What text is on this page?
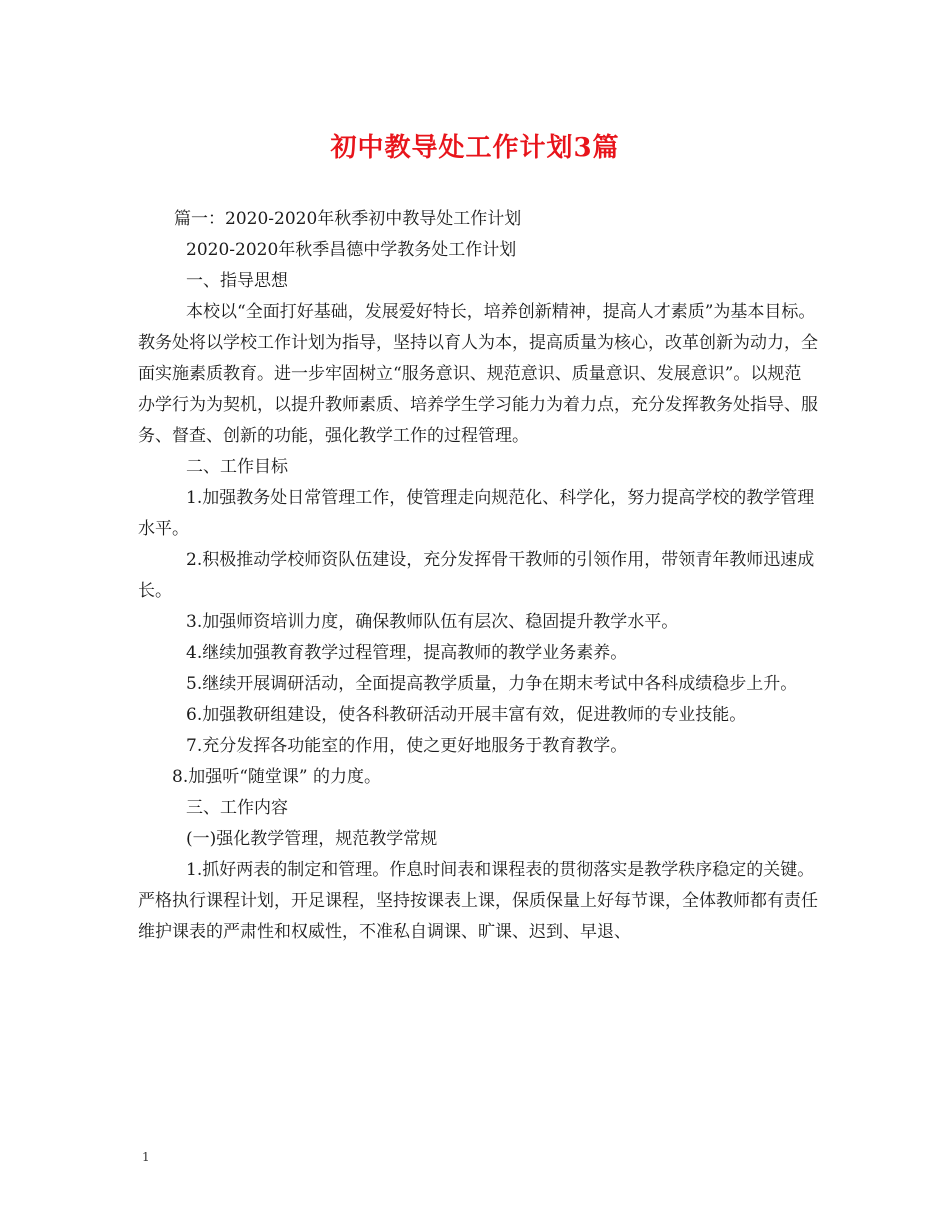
初中教导处工作计划3篇

篇一：2020-2020年秋季初中教导处工作计划

2020-2020年秋季昌德中学教务处工作计划

一、指导思想

本校以“全面打好基础，发展爱好特长，培养创新精神，提高人才素质”为基本目标。教务处将以学校工作计划为指导，坚持以育人为本，提高质量为核心，改革创新为动力，全面实施素质教育。进一步牢固树立“服务意识、规范意识、质量意识、发展意识”。以规范办学行为为契机，以提升教师素质、培养学生学习能力为着力点，充分发挥教务处指导、服务、督查、创新的功能，强化教学工作的过程管理。

二、工作目标

1.加强教务处日常管理工作，使管理走向规范化、科学化，努力提高学校的教学管理水平。

2.积极推动学校师资队伍建设，充分发挥骨干教师的引领作用，带领青年教师迅速成长。

3.加强师资培训力度，确保教师队伍有层次、稳固提升教学水平。

4.继续加强教育教学过程管理，提高教师的教学业务素养。

5.继续开展调研活动，全面提高教学质量，力争在期末考试中各科成绩稳步上升。

6.加强教研组建设，使各科教研活动开展丰富有效，促进教师的专业技能。

7.充分发挥各功能室的作用，使之更好地服务于教育教学。

8.加强听“随堂课” 的力度。

三、工作内容

(一)强化教学管理，规范教学常规

1.抓好两表的制定和管理。作息时间表和课程表的贯彻落实是教学秩序稳定的关键。严格执行课程计划，开足课程，坚持按课表上课，保质保量上好每节课，全体教师都有责任维护课表的严肃性和权威性，不准私自调课、旷课、迟到、早退、

1
